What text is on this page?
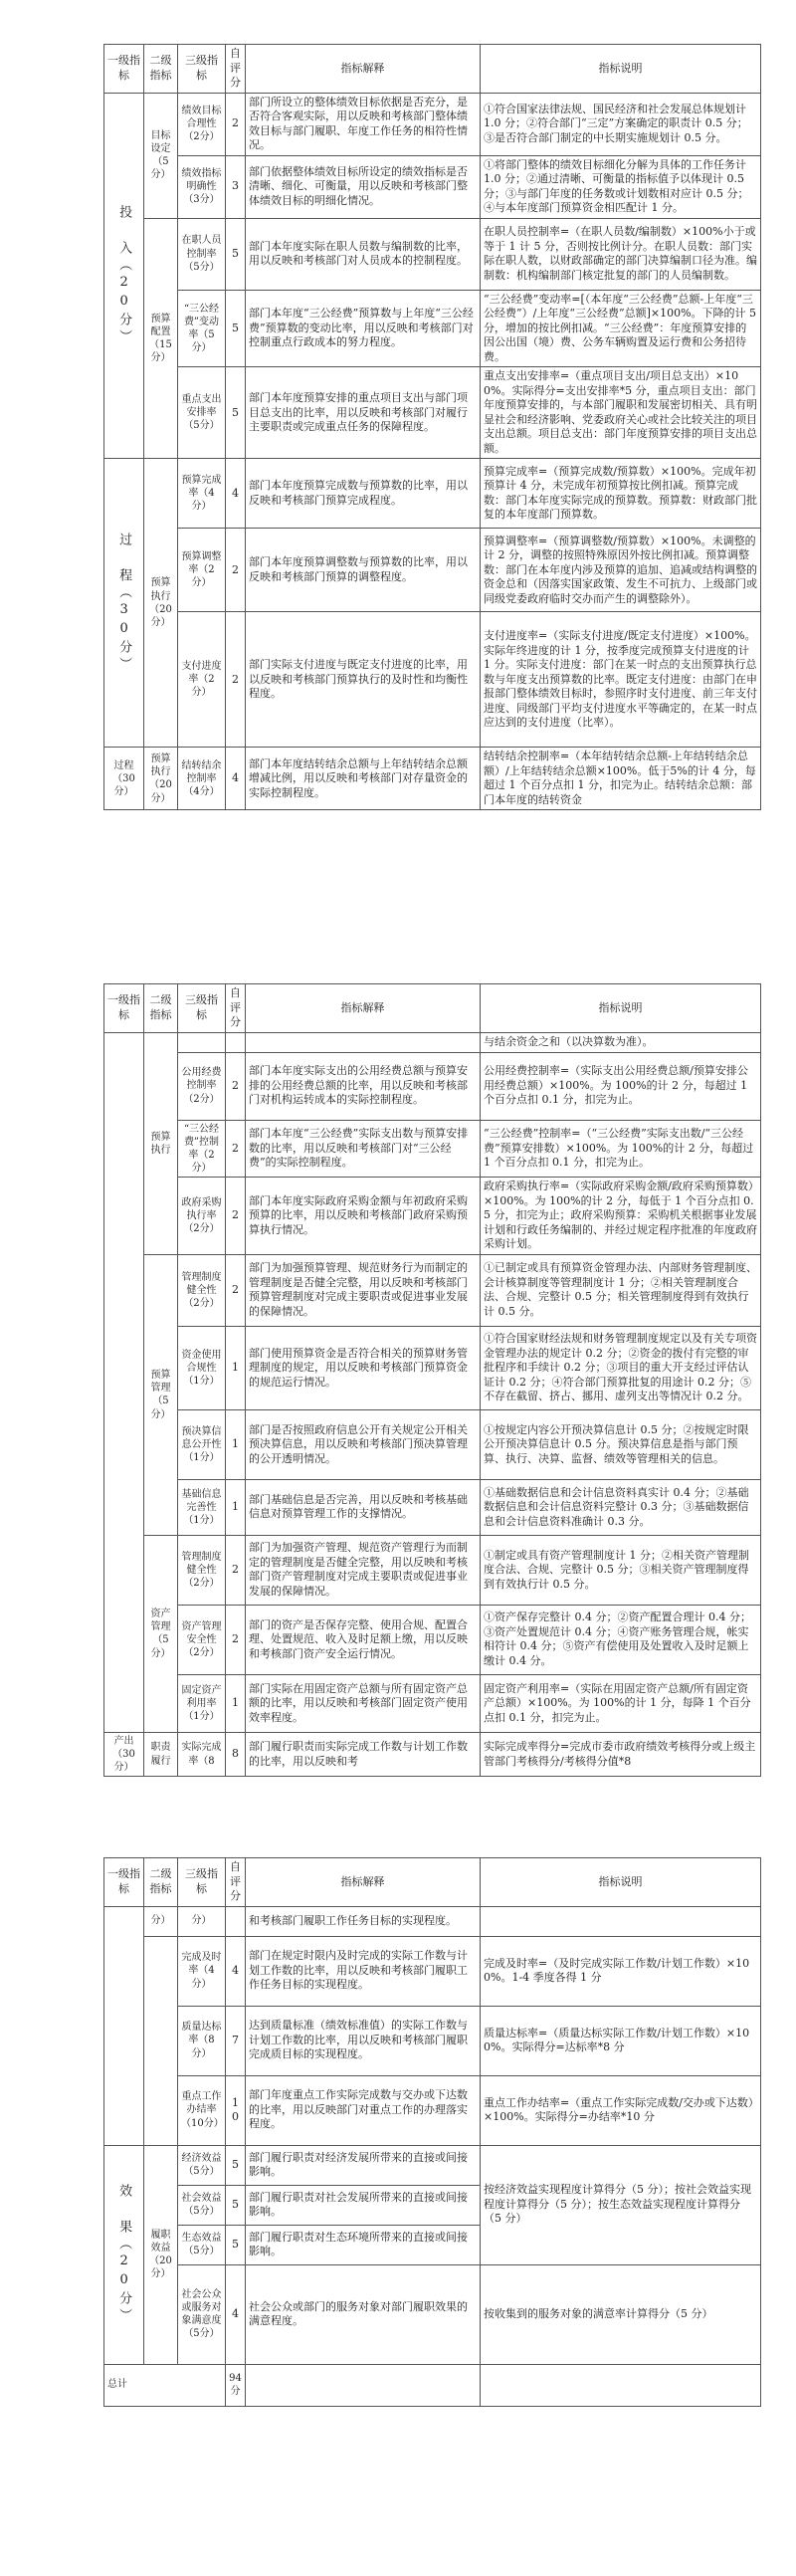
一级指标	二级指标	三级指标	自评分	指标解释	指标说明

投 入（20分）	目标设定（5分）	绩效目标合理性（2分）	2	部门所设立的整体绩效目标依据是否充分，是否符合客观实际，用以反映和考核部门整体绩效目标与部门履职、年度工作任务的相符性情况。	①符合国家法律法规、国民经济和社会发展总体规划计 1.0 分；②符合部门“三定”方案确定的职责计 0.5 分；③是否符合部门制定的中长期实施规划计 0.5 分。
		绩效指标明确性（3分）	3	部门依据整体绩效目标所设定的绩效指标是否清晰、细化、可衡量，用以反映和考核部门整体绩效目标的明细化情况。	①将部门整体的绩效目标细化分解为具体的工作任务计 1.0 分；②通过清晰、可衡量的指标值予以体现计 0.5 分；③与部门年度的任务数或计划数相对应计 0.5 分；④与本年度部门预算资金相匹配计 1 分。
	预算配置（15分）	在职人员控制率（5分）	5	部门本年度实际在职人员数与编制数的比率，用以反映和考核部门对人员成本的控制程度。	在职人员控制率=（在职人员数/编制数）×100%小于或等于 1 计 5 分，否则按比例计分。在职人员数：部门实际在职人数，以财政部确定的部门决算编制口径为准。编制数：机构编制部门核定批复的部门的人员编制数。
		“三公经费”变动率（5分）	5	部门本年度“三公经费”预算数与上年度“三公经费”预算数的变动比率，用以反映和考核部门对控制重点行政成本的努力程度。	“三公经费”变动率=[（本年度“三公经费”总额-上年度“三公经费”）/上年度“三公经费”总额]×100%。下降的计 5 分，增加的按比例扣减。“三公经费”：年度预算安排的因公出国（境）费、公务车辆购置及运行费和公务招待费。
		重点支出安排率（5分）	5	部门本年度预算安排的重点项目支出与部门项目总支出的比率，用以反映和考核部门对履行主要职责或完成重点任务的保障程度。	重点支出安排率=（重点项目支出/项目总支出）×100%。实际得分=支出安排率*5 分，重点项目支出：部门年度预算安排的，与本部门履职和发展密切相关、具有明显社会和经济影响、党委政府关心或社会比较关注的项目支出总额。项目总支出：部门年度预算安排的项目支出总额。

过 程（30分）	预算执行（20分）	预算完成率（4分）	4	部门本年度预算完成数与预算数的比率，用以反映和考核部门预算完成程度。	预算完成率=（预算完成数/预算数）×100%。完成年初预算计 4 分，未完成年初预算按比例扣减。预算完成数：部门本年度实际完成的预算数。预算数：财政部门批复的本年度部门预算数。
		预算调整率（2分）	2	部门本年度预算调整数与预算数的比率，用以反映和考核部门预算的调整程度。	预算调整率=（预算调整数/预算数）×100%。未调整的计 2 分，调整的按照特殊原因外按比例扣减。预算调整数：部门在本年度内涉及预算的追加、追减或结构调整的资金总和（因落实国家政策、发生不可抗力、上级部门或同级党委政府临时交办而产生的调整除外）。
		支付进度率（2分）	2	部门实际支付进度与既定支付进度的比率，用以反映和考核部门预算执行的及时性和均衡性程度。	支付进度率=（实际支付进度/既定支付进度）×100%。实际年终进度的计 1 分，按季度完成预算支付进度的计 1 分。实际支付进度：部门在某一时点的支出预算执行总数与年度支出预算数的比率。既定支付进度：由部门在申报部门整体绩效目标时，参照序时支付进度、前三年支付进度、同级部门平均支付进度水平等确定的，在某一时点应达到的支付进度（比率）。
过程（30分）	预算执行（20分）	结转结余控制率（4分）	4	部门本年度结转结余总额与上年结转结余总额增减比例，用以反映和考核部门对存量资金的实际控制程度。	结转结余控制率=（本年结转结余总额-上年结转结余总额）/上年结转结余总额×100%。低于5%的计 4 分，每超过 1 个百分点扣 1 分，扣完为止。结转结余总额：部门本年度的结转资金
一级指标	二级指标	三级指标	自评分	指标解释	指标说明
	预算执行				与结余资金之和（以决算数为准）。
		公用经费控制率（2分）	2	部门本年度实际支出的公用经费总额与预算安排的公用经费总额的比率，用以反映和考核部门对机构运转成本的实际控制程度。	公用经费控制率=（实际支出公用经费总额/预算安排公用经费总额）×100%。为 100%的计 2 分，每超过 1 个百分点扣 0.1 分，扣完为止。
		“三公经费”控制率（2分）	2	部门本年度“三公经费”实际支出数与预算安排数的比率，用以反映和考核部门对“三公经费”的实际控制程度。	“三公经费”控制率=（“三公经费”实际支出数/“三公经费”预算安排数）×100%。为 100%的计 2 分，每超过 1 个百分点扣 0.1 分，扣完为止。
		政府采购执行率（2分）	2	部门本年度实际政府采购金额与年初政府采购预算的比率，用以反映和考核部门政府采购预算执行情况。	政府采购执行率=（实际政府采购金额/政府采购预算数）×100%。为 100%的计 2 分，每低于 1 个百分点扣 0.5 分，扣完为止；政府采购预算：采购机关根据事业发展计划和行政任务编制的、并经过规定程序批准的年度政府采购计划。
	预算管理（5分）	管理制度健全性（2分）	2	部门为加强预算管理、规范财务行为而制定的管理制度是否健全完整，用以反映和考核部门预算管理制度对完成主要职责或促进事业发展的保障情况。	①已制定或具有预算资金管理办法、内部财务管理制度、会计核算制度等管理制度计 1 分；②相关管理制度合法、合规、完整计 0.5 分；相关管理制度得到有效执行计 0.5 分。
		资金使用合规性（1分）	1	部门使用预算资金是否符合相关的预算财务管理制度的规定，用以反映和考核部门预算资金的规范运行情况。	①符合国家财经法规和财务管理制度规定以及有关专项资金管理办法的规定计 0.2 分；②资金的拨付有完整的审批程序和手续计 0.2 分；③项目的重大开支经过评估认证计 0.2 分；④符合部门预算批复的用途计 0.2 分；⑤不存在截留、挤占、挪用、虚列支出等情况计 0.2 分。
		预决算信息公开性（1分）	1	部门是否按照政府信息公开有关规定公开相关预决算信息，用以反映和考核部门预决算管理的公开透明情况。	①按规定内容公开预决算信息计 0.5 分；②按规定时限公开预决算信息计 0.5 分。预决算信息是指与部门预算、执行、决算、监督、绩效等管理相关的信息。
		基础信息完善性（1分）	1	部门基础信息是否完善，用以反映和考核基础信息对预算管理工作的支撑情况。	①基础数据信息和会计信息资料真实计 0.4 分；②基础数据信息和会计信息资料完整计 0.3 分；③基础数据信息和会计信息资料准确计 0.3 分。
	资产管理（5分）	管理制度健全性（2分）	2	部门为加强资产管理、规范资产管理行为而制定的管理制度是否健全完整，用以反映和考核部门资产管理制度对完成主要职责或促进事业发展的保障情况。	①制定或具有资产管理制度计 1 分；②相关资产管理制度合法、合规、完整计 0.5 分；③相关资产管理制度得到有效执行计 0.5 分。
		资产管理安全性（2分）	2	部门的资产是否保存完整、使用合规、配置合理、处置规范、收入及时足额上缴，用以反映和考核部门资产安全运行情况。	①资产保存完整计 0.4 分；②资产配置合理计 0.4 分；③资产处置规范计 0.4 分；④资产账务管理合规，帐实相符计 0.4 分；⑤资产有偿使用及处置收入及时足额上缴计 0.4 分。
		固定资产利用率（1分）	1	部门实际在用固定资产总额与所有固定资产总额的比率，用以反映和考核部门固定资产使用效率程度。	固定资产利用率=（实际在用固定资产总额/所有固定资产总额）×100%。为 100%的计 1 分，每降 1 个百分点扣 0.1 分，扣完为止。
产出（30分）	职责履行	实际完成率（8	8	部门履行职责而实际完成工作数与计划工作数的比率，用以反映和考	实际完成率得分=完成市委市政府绩效考核得分或上级主管部门考核得分/考核得分值*8
一级指标	二级指标	三级指标	自评分	指标解释	指标说明
	分）	分）		和考核部门履职工作任务目标的实现程度。	
		完成及时率（4分）	4	部门在规定时限内及时完成的实际工作数与计划工作数的比率，用以反映和考核部门履职工作任务目标的实现程度。	完成及时率=（及时完成实际工作数/计划工作数）×100%。1-4 季度各得 1 分
		质量达标率（8分）	7	达到质量标准（绩效标准值）的实际工作数与计划工作数的比率，用以反映和考核部门履职完成质目标的实现程度。	质量达标率=（质量达标实际工作数/计划工作数）×100%。实际得分=达标率*8 分
		重点工作办结率（10分）	10	部门年度重点工作实际完成数与交办或下达数的比率，用以反映部门对重点工作的办理落实程度。	重点工作办结率=（重点工作实际完成数/交办或下达数）×100%。实际得分=办结率*10 分

效 果（20分）	履职效益（20分）	经济效益（5分）	5	部门履行职责对经济发展所带来的直接或间接影响。	按经济效益实现程度计算得分（5 分）；按社会效益实现程度计算得分（5 分）；按生态效益实现程度计算得分（5 分）
		社会效益（5分）	5	部门履行职责对社会发展所带来的直接或间接影响。	
		生态效益（5分）	5	部门履行职责对生态环境所带来的直接或间接影响。	
		社会公众或服务对象满意度（5分）	4	社会公众或部门的服务对象对部门履职效果的满意程度。	按收集到的服务对象的满意率计算得分（5 分）
总计			94分		
